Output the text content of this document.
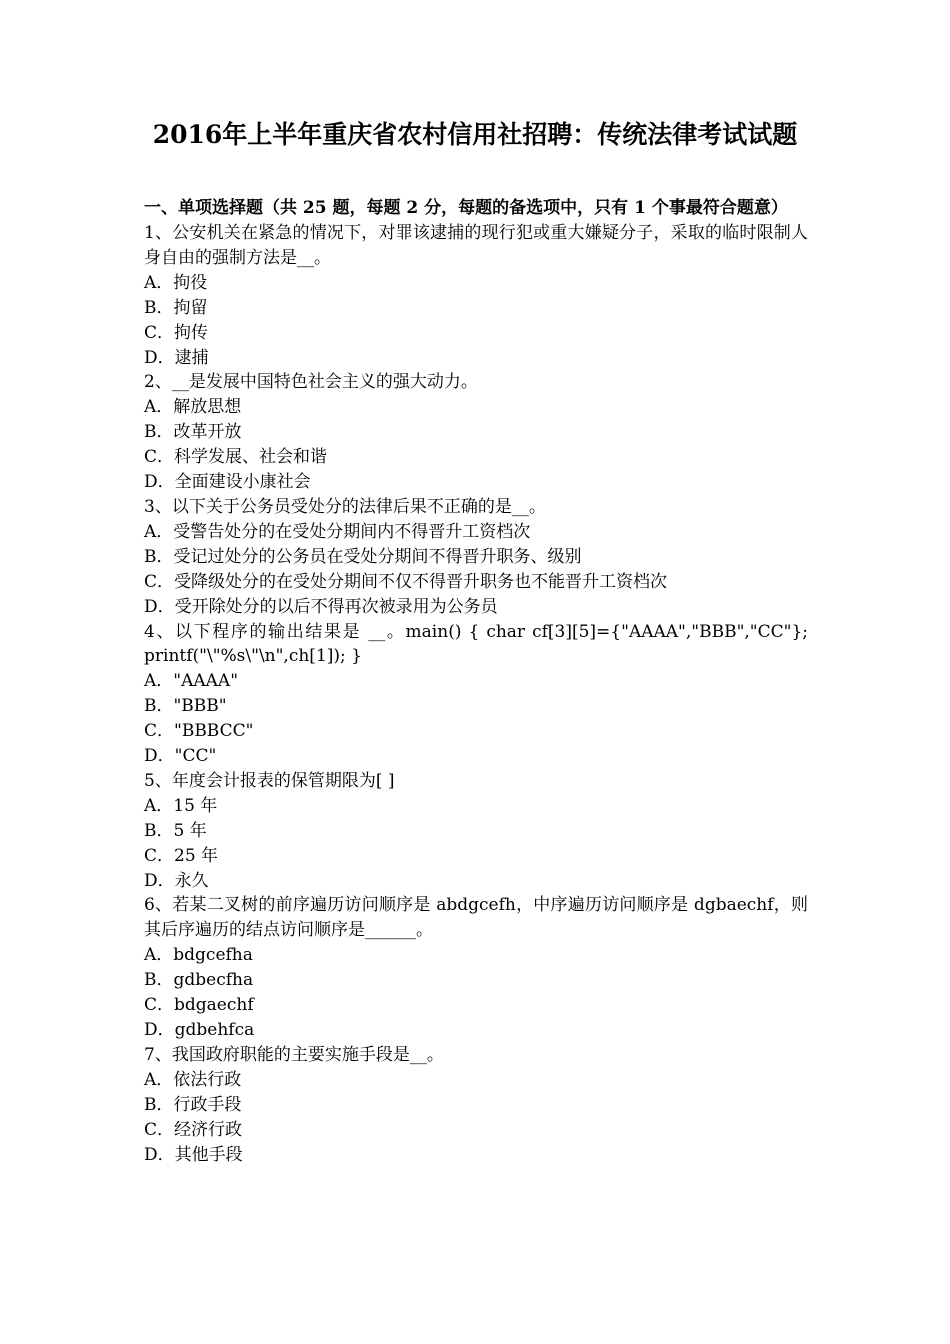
2016年上半年重庆省农村信用社招聘：传统法律考试试题

一、单项选择题（共 25 题，每题 2 分，每题的备选项中，只有 1 个事最符合题意）

1、公安机关在紧急的情况下，对罪该逮捕的现行犯或重大嫌疑分子，采取的临时限制人身自由的强制方法是__。

A．拘役

B．拘留

C．拘传

D．逮捕

2、__是发展中国特色社会主义的强大动力。

A．解放思想

B．改革开放

C．科学发展、社会和谐

D．全面建设小康社会

3、以下关于公务员受处分的法律后果不正确的是__。

A．受警告处分的在受处分期间内不得晋升工资档次

B．受记过处分的公务员在受处分期间不得晋升职务、级别

C．受降级处分的在受处分期间不仅不得晋升职务也不能晋升工资档次

D．受开除处分的以后不得再次被录用为公务员

4、以下程序的输出结果是 __。main() { char cf[3][5]={"AAAA","BBB","CC"}; printf("\"%s\"\n",ch[1]); }

A．"AAAA"

B．"BBB"

C．"BBBCC"

D．"CC"

5、年度会计报表的保管期限为[ ]

A．15 年

B．5 年

C．25 年

D．永久

6、若某二叉树的前序遍历访问顺序是 abdgcefh，中序遍历访问顺序是 dgbaechf，则其后序遍历的结点访问顺序是______。

A．bdgcefha

B．gdbecfha

C．bdgaechf

D．gdbehfca

7、我国政府职能的主要实施手段是__。

A．依法行政

B．行政手段

C．经济行政

D．其他手段
